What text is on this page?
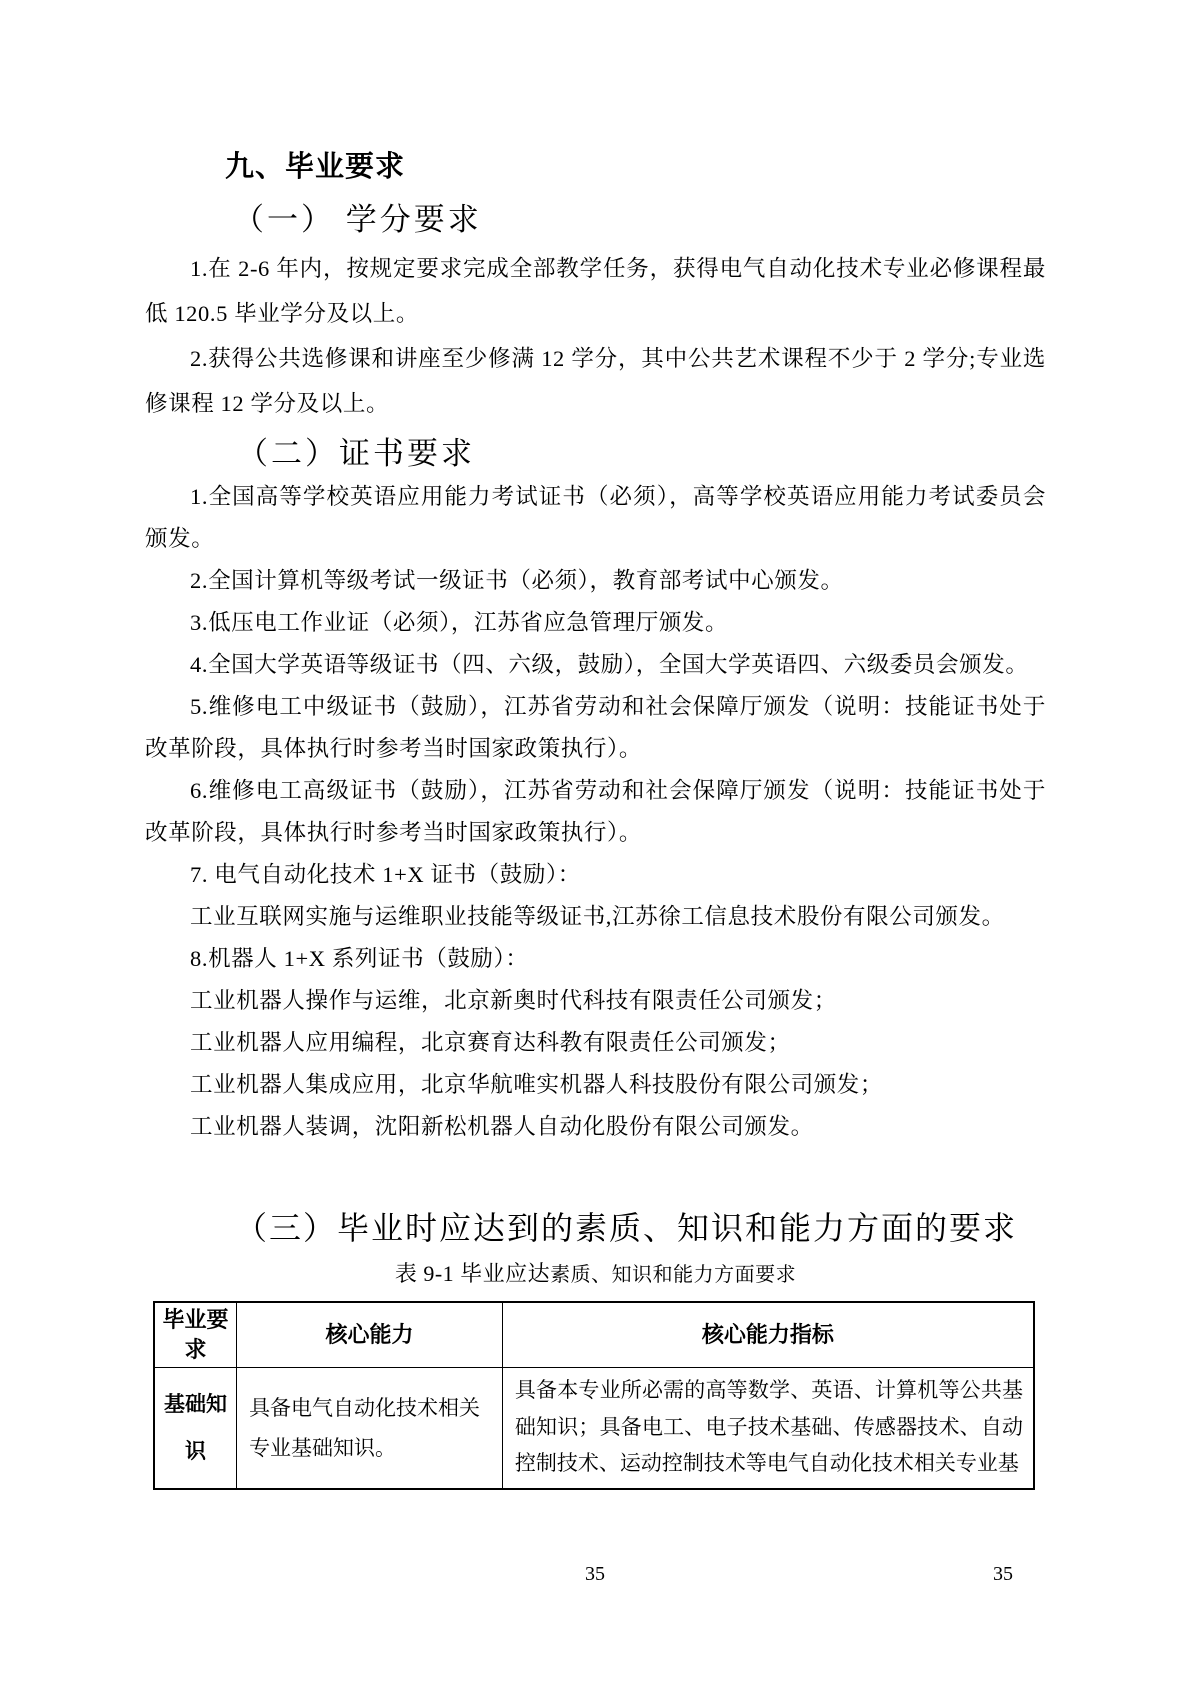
九、毕业要求
（一） 学分要求

1.在 2-6 年内，按规定要求完成全部教学任务，获得电气自动化技术专业必修课程最低 120.5 毕业学分及以上。

2.获得公共选修课和讲座至少修满 12 学分，其中公共艺术课程不少于 2 学分;专业选修课程 12 学分及以上。

（二）证书要求

1.全国高等学校英语应用能力考试证书（必须），高等学校英语应用能力考试委员会颁发。

2.全国计算机等级考试一级证书（必须），教育部考试中心颁发。

3.低压电工作业证（必须），江苏省应急管理厅颁发。

4.全国大学英语等级证书（四、六级，鼓励），全国大学英语四、六级委员会颁发。

5.维修电工中级证书（鼓励），江苏省劳动和社会保障厅颁发（说明：技能证书处于改革阶段，具体执行时参考当时国家政策执行）。

6.维修电工高级证书（鼓励），江苏省劳动和社会保障厅颁发（说明：技能证书处于改革阶段，具体执行时参考当时国家政策执行）。

7. 电气自动化技术 1+X 证书（鼓励）：

工业互联网实施与运维职业技能等级证书,江苏徐工信息技术股份有限公司颁发。

8.机器人 1+X 系列证书（鼓励）：

工业机器人操作与运维，北京新奥时代科技有限责任公司颁发；

工业机器人应用编程，北京赛育达科教有限责任公司颁发；

工业机器人集成应用，北京华航唯实机器人科技股份有限公司颁发；

工业机器人装调，沈阳新松机器人自动化股份有限公司颁发。

（三）毕业时应达到的素质、知识和能力方面的要求
表 9-1 毕业应达素质、知识和能力方面要求
毕业要求	核心能力	核心能力指标
基础知识	具备电气自动化技术相关专业基础知识。	具备本专业所必需的高等数学、英语、计算机等公共基础知识；具备电工、电子技术基础、传感器技术、自动控制技术、运动控制技术等电气自动化技术相关专业基
35	35
